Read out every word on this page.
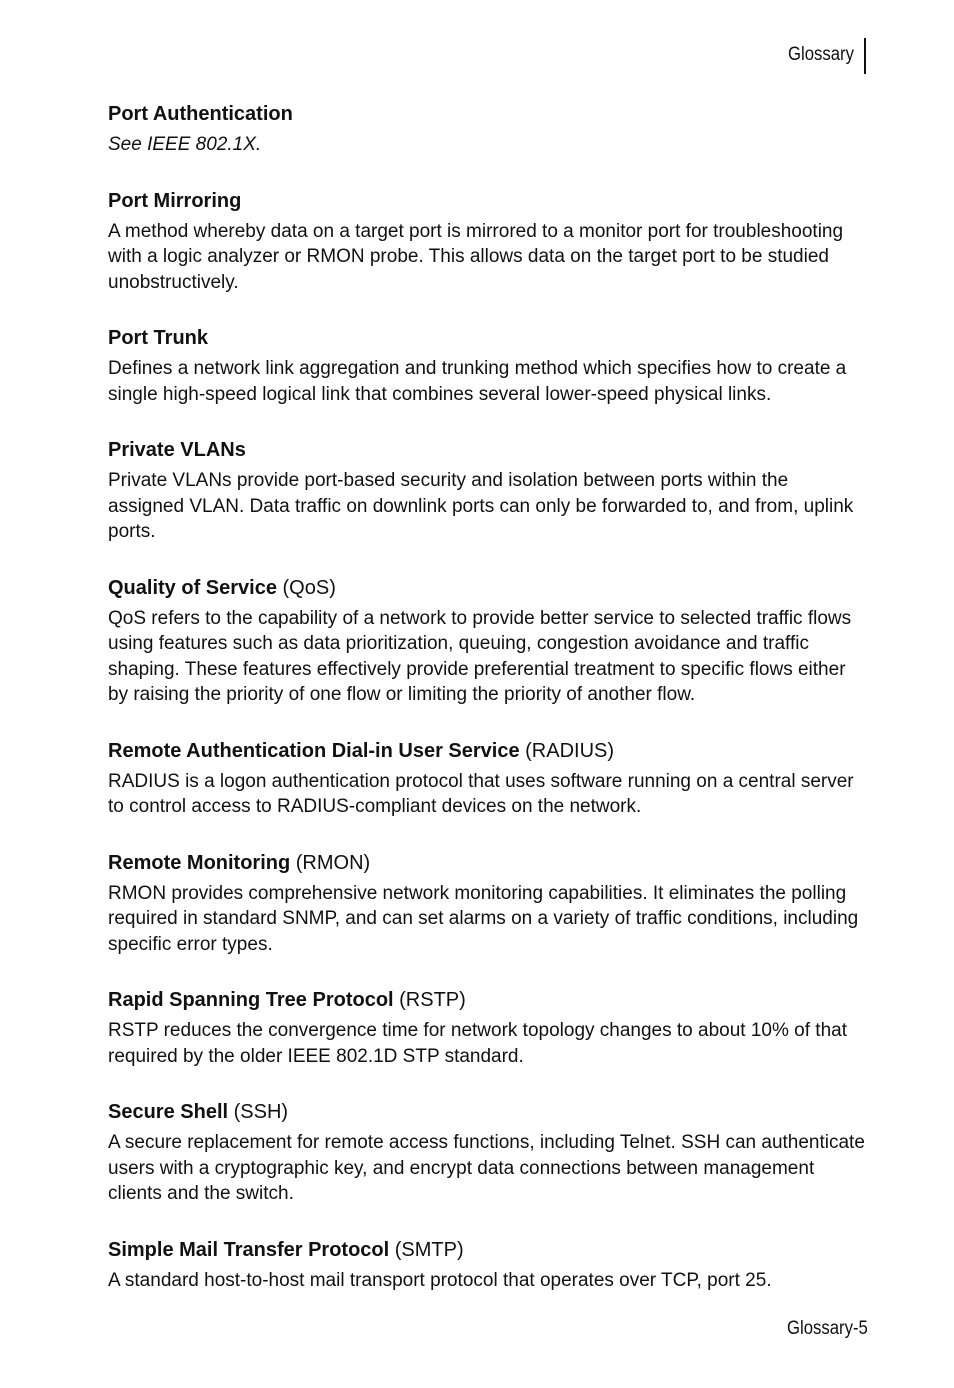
Glossary
Port Authentication

See IEEE 802.1X.

Port Mirroring

A method whereby data on a target port is mirrored to a monitor port for troubleshooting with a logic analyzer or RMON probe. This allows data on the target port to be studied unobstructively.

Port Trunk

Defines a network link aggregation and trunking method which specifies how to create a single high-speed logical link that combines several lower-speed physical links.

Private VLANs

Private VLANs provide port-based security and isolation between ports within the assigned VLAN. Data traffic on downlink ports can only be forwarded to, and from, uplink ports.

Quality of Service (QoS)

QoS refers to the capability of a network to provide better service to selected traffic flows using features such as data prioritization, queuing, congestion avoidance and traffic shaping. These features effectively provide preferential treatment to specific flows either by raising the priority of one flow or limiting the priority of another flow.

Remote Authentication Dial-in User Service (RADIUS)

RADIUS is a logon authentication protocol that uses software running on a central server to control access to RADIUS-compliant devices on the network.

Remote Monitoring (RMON)

RMON provides comprehensive network monitoring capabilities. It eliminates the polling required in standard SNMP, and can set alarms on a variety of traffic conditions, including specific error types.

Rapid Spanning Tree Protocol (RSTP)

RSTP reduces the convergence time for network topology changes to about 10% of that required by the older IEEE 802.1D STP standard.

Secure Shell (SSH)

A secure replacement for remote access functions, including Telnet. SSH can authenticate users with a cryptographic key, and encrypt data connections between management clients and the switch.

Simple Mail Transfer Protocol (SMTP)

A standard host-to-host mail transport protocol that operates over TCP, port 25.

Glossary-5
